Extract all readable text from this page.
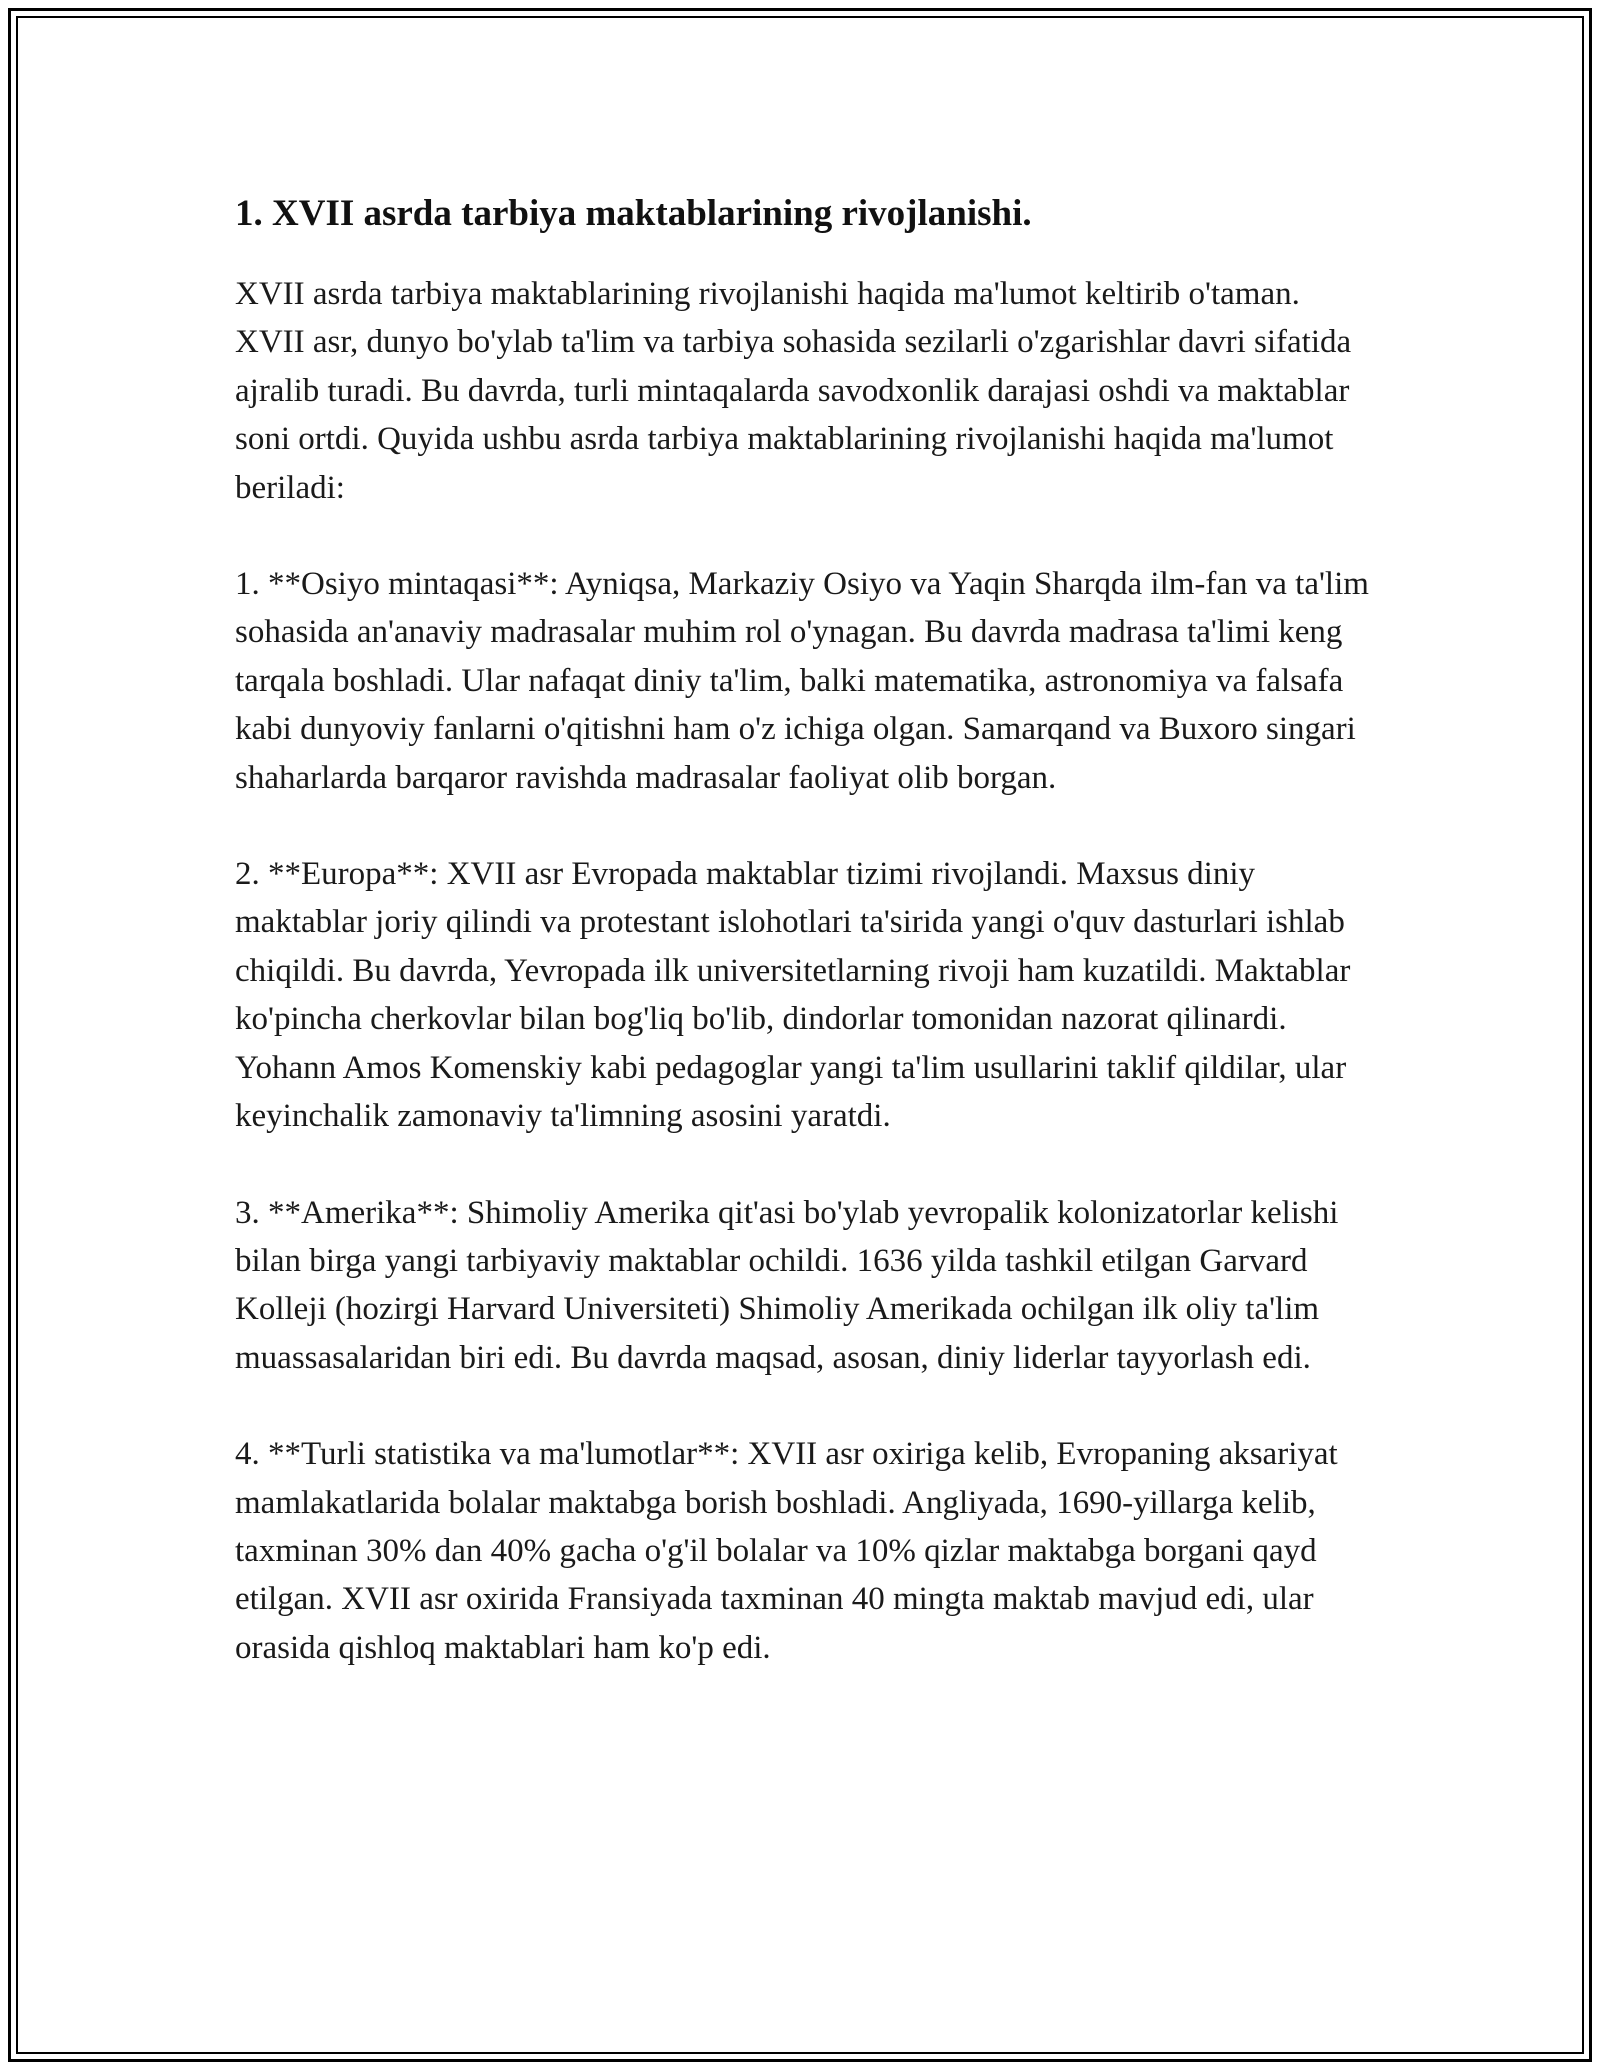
1. XVII asrda tarbiya maktablarining rivojlanishi.

XVII asrda tarbiya maktablarining rivojlanishi haqida ma'lumot keltirib o'taman. XVII asr, dunyo bo'ylab ta'lim va tarbiya sohasida sezilarli o'zgarishlar davri sifatida ajralib turadi. Bu davrda, turli mintaqalarda savodxonlik darajasi oshdi va maktablar soni ortdi. Quyida ushbu asrda tarbiya maktablarining rivojlanishi haqida ma'lumot beriladi:

1. **Osiyo mintaqasi**: Ayniqsa, Markaziy Osiyo va Yaqin Sharqda ilm-fan va ta'lim sohasida an'anaviy madrasalar muhim rol o'ynagan. Bu davrda madrasa ta'limi keng tarqala boshladi. Ular nafaqat diniy ta'lim, balki matematika, astronomiya va falsafa kabi dunyoviy fanlarni o'qitishni ham o'z ichiga olgan. Samarqand va Buxoro singari shaharlarda barqaror ravishda madrasalar faoliyat olib borgan.

2. **Europa**: XVII asr Evropada maktablar tizimi rivojlandi. Maxsus diniy maktablar joriy qilindi va protestant islohotlari ta'sirida yangi o'quv dasturlari ishlab chiqildi. Bu davrda, Yevropada ilk universitetlarning rivoji ham kuzatildi. Maktablar ko'pincha cherkovlar bilan bog'liq bo'lib, dindorlar tomonidan nazorat qilinardi. Yohann Amos Komenskiy kabi pedagoglar yangi ta'lim usullarini taklif qildilar, ular keyinchalik zamonaviy ta'limning asosini yaratdi.

3. **Amerika**: Shimoliy Amerika qit'asi bo'ylab yevropalik kolonizatorlar kelishi bilan birga yangi tarbiyaviy maktablar ochildi. 1636 yilda tashkil etilgan Garvard Kolleji (hozirgi Harvard Universiteti) Shimoliy Amerikada ochilgan ilk oliy ta'lim muassasalaridan biri edi. Bu davrda maqsad, asosan, diniy liderlar tayyorlash edi.

4. **Turli statistika va ma'lumotlar**: XVII asr oxiriga kelib, Evropaning aksariyat mamlakatlarida bolalar maktabga borish boshladi. Angliyada, 1690-yillarga kelib, taxminan 30% dan 40% gacha o'g'il bolalar va 10% qizlar maktabga borgani qayd etilgan. XVII asr oxirida Fransiyada taxminan 40 mingta maktab mavjud edi, ular orasida qishloq maktablari ham ko'p edi.
